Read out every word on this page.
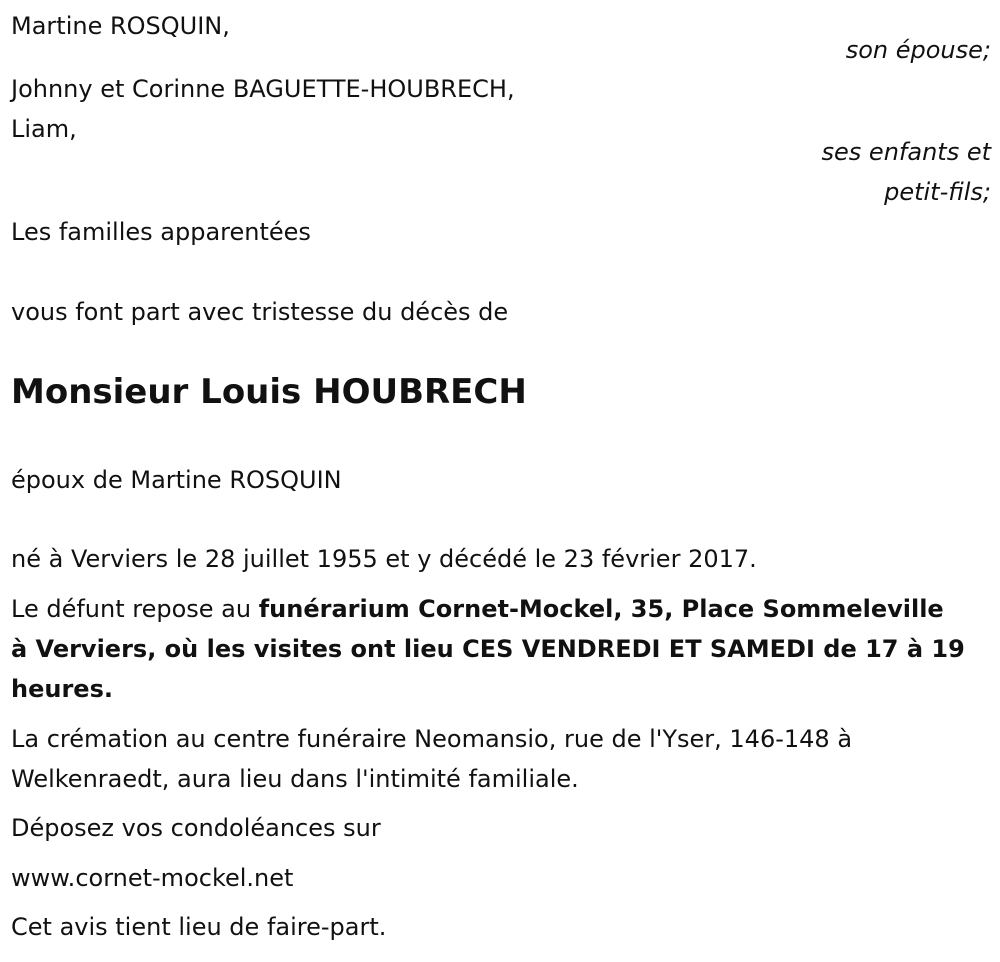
Martine ROSQUIN,
son épouse;
Johnny et Corinne BAGUETTE-HOUBRECH,
Liam,
ses enfants et
petit-fils;
Les familles apparentées
vous font part avec tristesse du décès de
Monsieur Louis HOUBRECH
époux de Martine ROSQUIN
né à Verviers le 28 juillet 1955 et y décédé le 23 février 2017.
Le défunt repose au funérarium Cornet-Mockel, 35, Place Sommeleville
à Verviers, où les visites ont lieu CES VENDREDI ET SAMEDI de 17 à 19
heures.
La crémation au centre funéraire Neomansio, rue de l'Yser, 146-148 à
Welkenraedt, aura lieu dans l'intimité familiale.
Déposez vos condoléances sur
www.cornet-mockel.net
Cet avis tient lieu de faire-part.
